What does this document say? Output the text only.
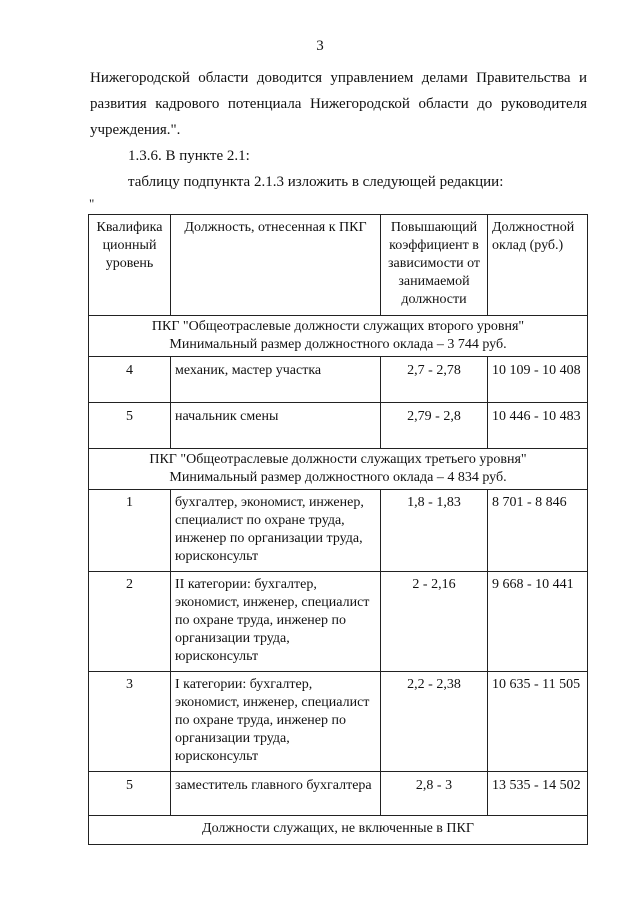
3
Нижегородской области доводится управлением делами Правительства и
развития кадрового потенциала Нижегородской области до руководителя
учреждения.".
1.3.6. В пункте 2.1:
таблицу подпункта 2.1.3 изложить в следующей редакции:
"
Квалифика ционный уровень	Должность, отнесенная к ПКГ	Повышающий коэффициент в зависимости от занимаемой должности	Должностной оклад (руб.)

ПКГ "Общеотраслевые должности служащих второго уровня"
Минимальный размер должностного оклада – 3 744 руб.			

4	механик, мастер участка	2,7 - 2,78	10 109 - 10 408
5	начальник смены	2,79 - 2,8	10 446 - 10 483

ПКГ "Общеотраслевые должности служащих третьего уровня"
Минимальный размер должностного оклада – 4 834 руб.			

1	бухгалтер, экономист, инженер, специалист по охране труда, инженер по организации труда, юрисконсульт	1,8 - 1,83	8 701 - 8 846
2	II категории: бухгалтер, экономист, инженер, специалист по охране труда, инженер по организации труда, юрисконсульт	2 - 2,16	9 668 - 10 441
3	I категории: бухгалтер, экономист, инженер, специалист по охране труда, инженер по организации труда, юрисконсульт	2,2 - 2,38	10 635 - 11 505
5	заместитель главного бухгалтера	2,8 - 3	13 535 - 14 502
Должности служащих, не включенные в ПКГ			
